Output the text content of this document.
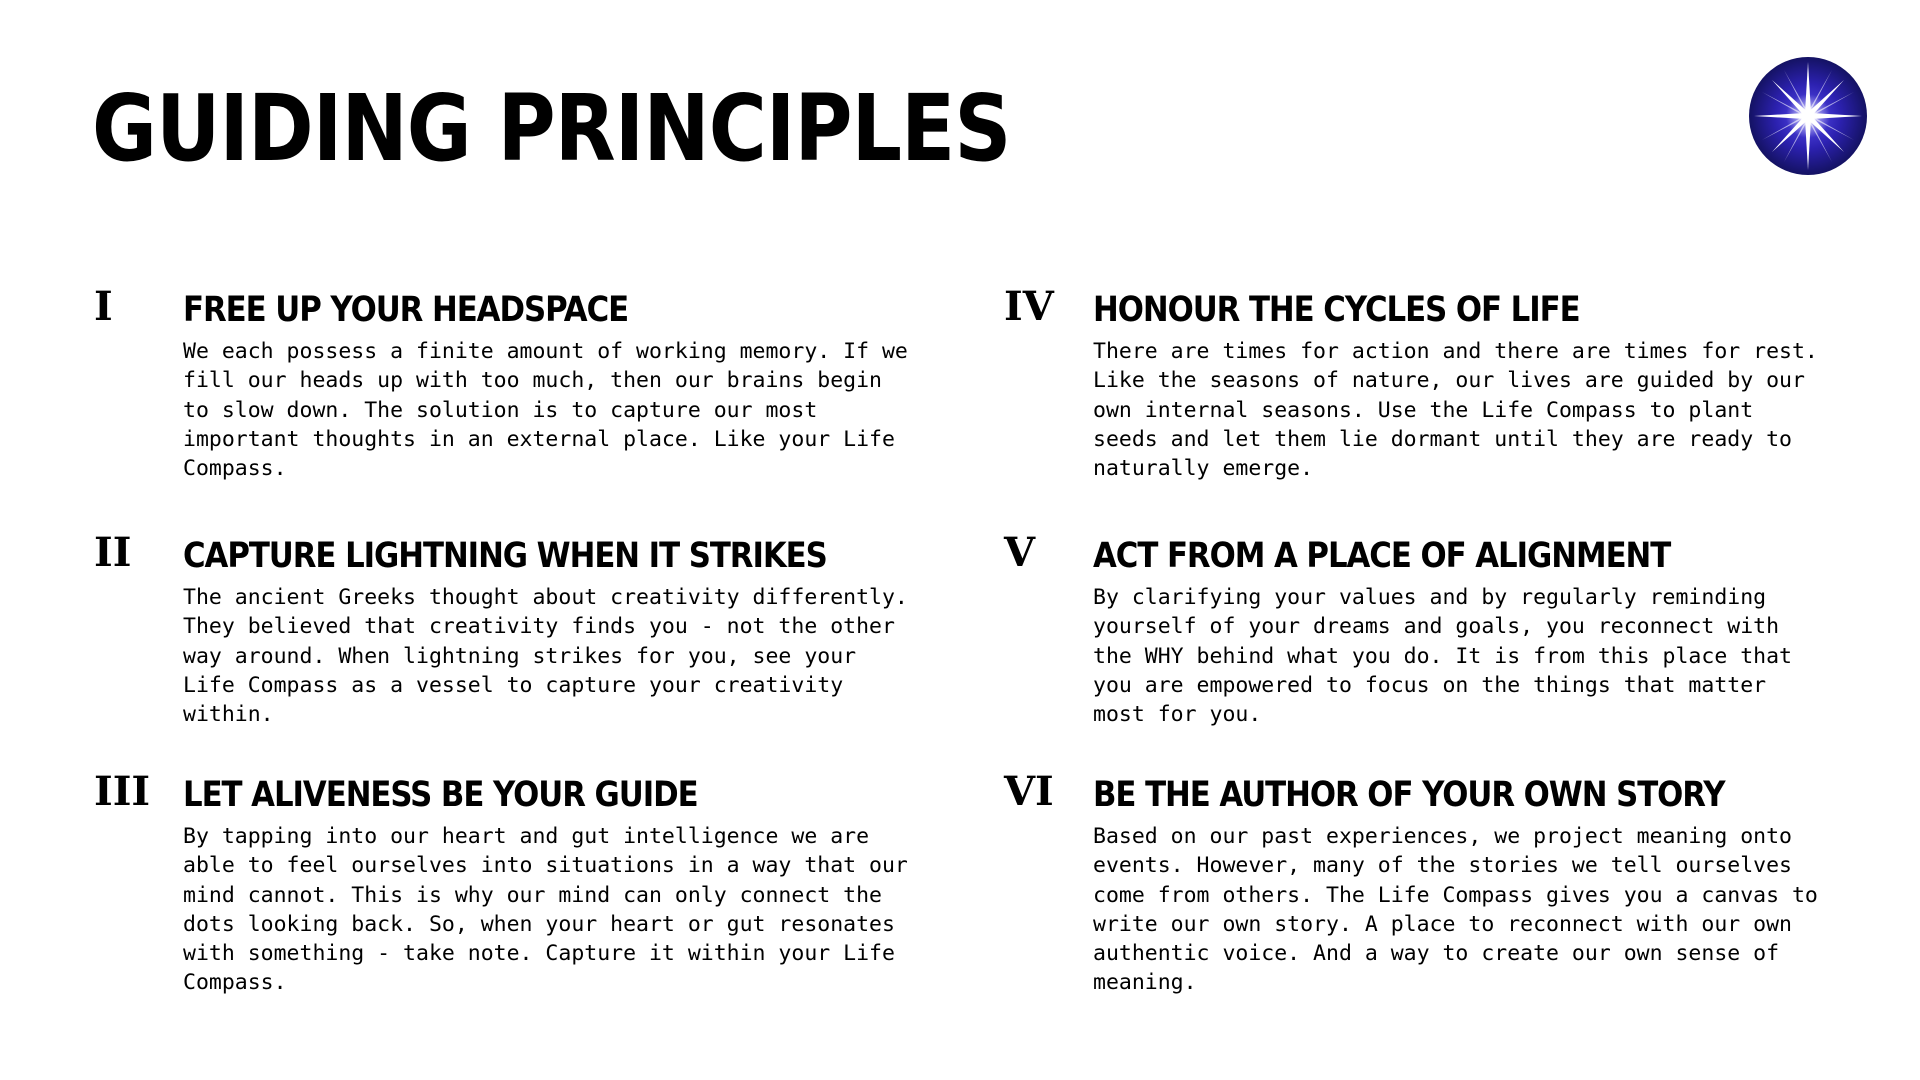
GUIDING PRINCIPLES
I FREE UP YOUR HEADSPACE

We each possess a finite amount of working memory. If we
fill our heads up with too much, then our brains begin
to slow down. The solution is to capture our most
important thoughts in an external place. Like your Life
Compass.

II CAPTURE LIGHTNING WHEN IT STRIKES

The ancient Greeks thought about creativity differently.
They believed that creativity finds you - not the other
way around. When lightning strikes for you, see your
Life Compass as a vessel to capture your creativity
within.

III LET ALIVENESS BE YOUR GUIDE

By tapping into our heart and gut intelligence we are
able to feel ourselves into situations in a way that our
mind cannot. This is why our mind can only connect the
dots looking back. So, when your heart or gut resonates
with something - take note. Capture it within your Life
Compass.

IV HONOUR THE CYCLES OF LIFE

There are times for action and there are times for rest.
Like the seasons of nature, our lives are guided by our
own internal seasons. Use the Life Compass to plant
seeds and let them lie dormant until they are ready to
naturally emerge.

V ACT FROM A PLACE OF ALIGNMENT

By clarifying your values and by regularly reminding
yourself of your dreams and goals, you reconnect with
the WHY behind what you do. It is from this place that
you are empowered to focus on the things that matter
most for you.

VI BE THE AUTHOR OF YOUR OWN STORY

Based on our past experiences, we project meaning onto
events. However, many of the stories we tell ourselves
come from others. The Life Compass gives you a canvas to
write our own story. A place to reconnect with our own
authentic voice. And a way to create our own sense of
meaning.
